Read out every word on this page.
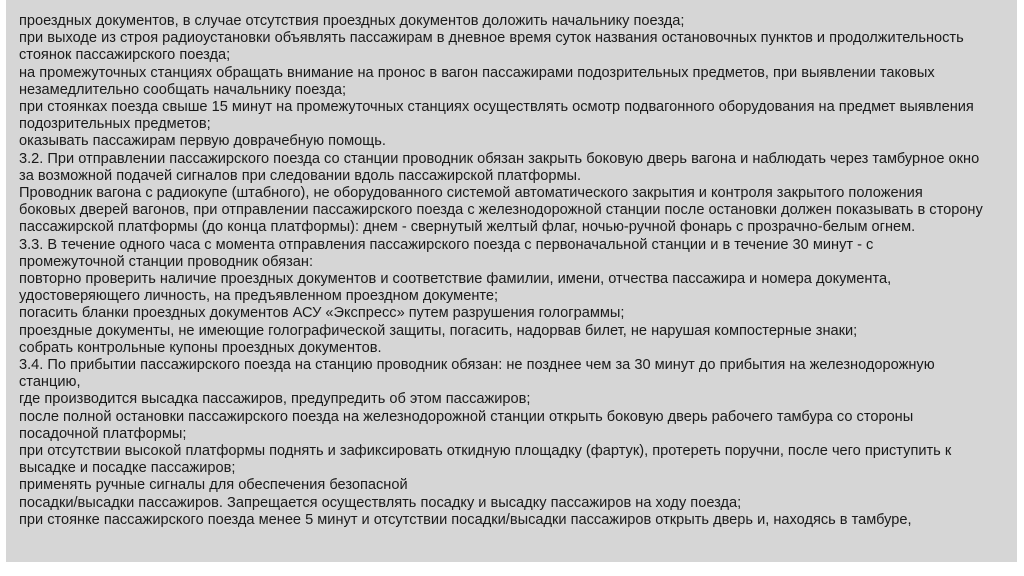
проездных документов, в случае отсутствия проездных документов доложить начальнику поезда;
при выходе из строя радиоустановки объявлять пассажирам в дневное время суток названия остановочных пунктов и продолжительность
стоянок пассажирского поезда;
на промежуточных станциях обращать внимание на пронос в вагон пассажирами подозрительных предметов, при выявлении таковых
незамедлительно сообщать начальнику поезда;
при стоянках поезда свыше 15 минут на промежуточных станциях осуществлять осмотр подвагонного оборудования на предмет выявления
подозрительных предметов;
оказывать пассажирам первую доврачебную помощь.
3.2. При отправлении пассажирского поезда со станции проводник обязан закрыть боковую дверь вагона и наблюдать через тамбурное окно
за возможной подачей сигналов при следовании вдоль пассажирской платформы.
Проводник вагона с радиокупе (штабного), не оборудованного системой автоматического закрытия и контроля закрытого положения
боковых дверей вагонов, при отправлении пассажирского поезда с железнодорожной станции после остановки должен показывать в сторону
пассажирской платформы (до конца платформы): днем - свернутый желтый флаг, ночью-ручной фонарь с прозрачно-белым огнем.
3.3. В течение одного часа с момента отправления пассажирского поезда с первоначальной станции и в течение 30 минут - с
промежуточной станции проводник обязан:
повторно проверить наличие проездных документов и соответствие фамилии, имени, отчества пассажира и номера документа,
удостоверяющего личность, на предъявленном проездном документе;
погасить бланки проездных документов АСУ «Экспресс» путем разрушения голограммы;
проездные документы, не имеющие голографической защиты, погасить, надорвав билет, не нарушая компостерные знаки;
собрать контрольные купоны проездных документов.
3.4. По прибытии пассажирского поезда на станцию проводник обязан: не позднее чем за 30 минут до прибытия на железнодорожную
станцию,
где производится высадка пассажиров, предупредить об этом пассажиров;
после полной остановки пассажирского поезда на железнодорожной станции открыть боковую дверь рабочего тамбура со стороны
посадочной платформы;
при отсутствии высокой платформы поднять и зафиксировать откидную площадку (фартук), протереть поручни, после чего приступить к
высадке и посадке пассажиров;
применять ручные сигналы для обеспечения безопасной
посадки/высадки пассажиров. Запрещается осуществлять посадку и высадку пассажиров на ходу поезда;
при стоянке пассажирского поезда менее 5 минут и отсутствии посадки/высадки пассажиров открыть дверь и, находясь в тамбуре,
